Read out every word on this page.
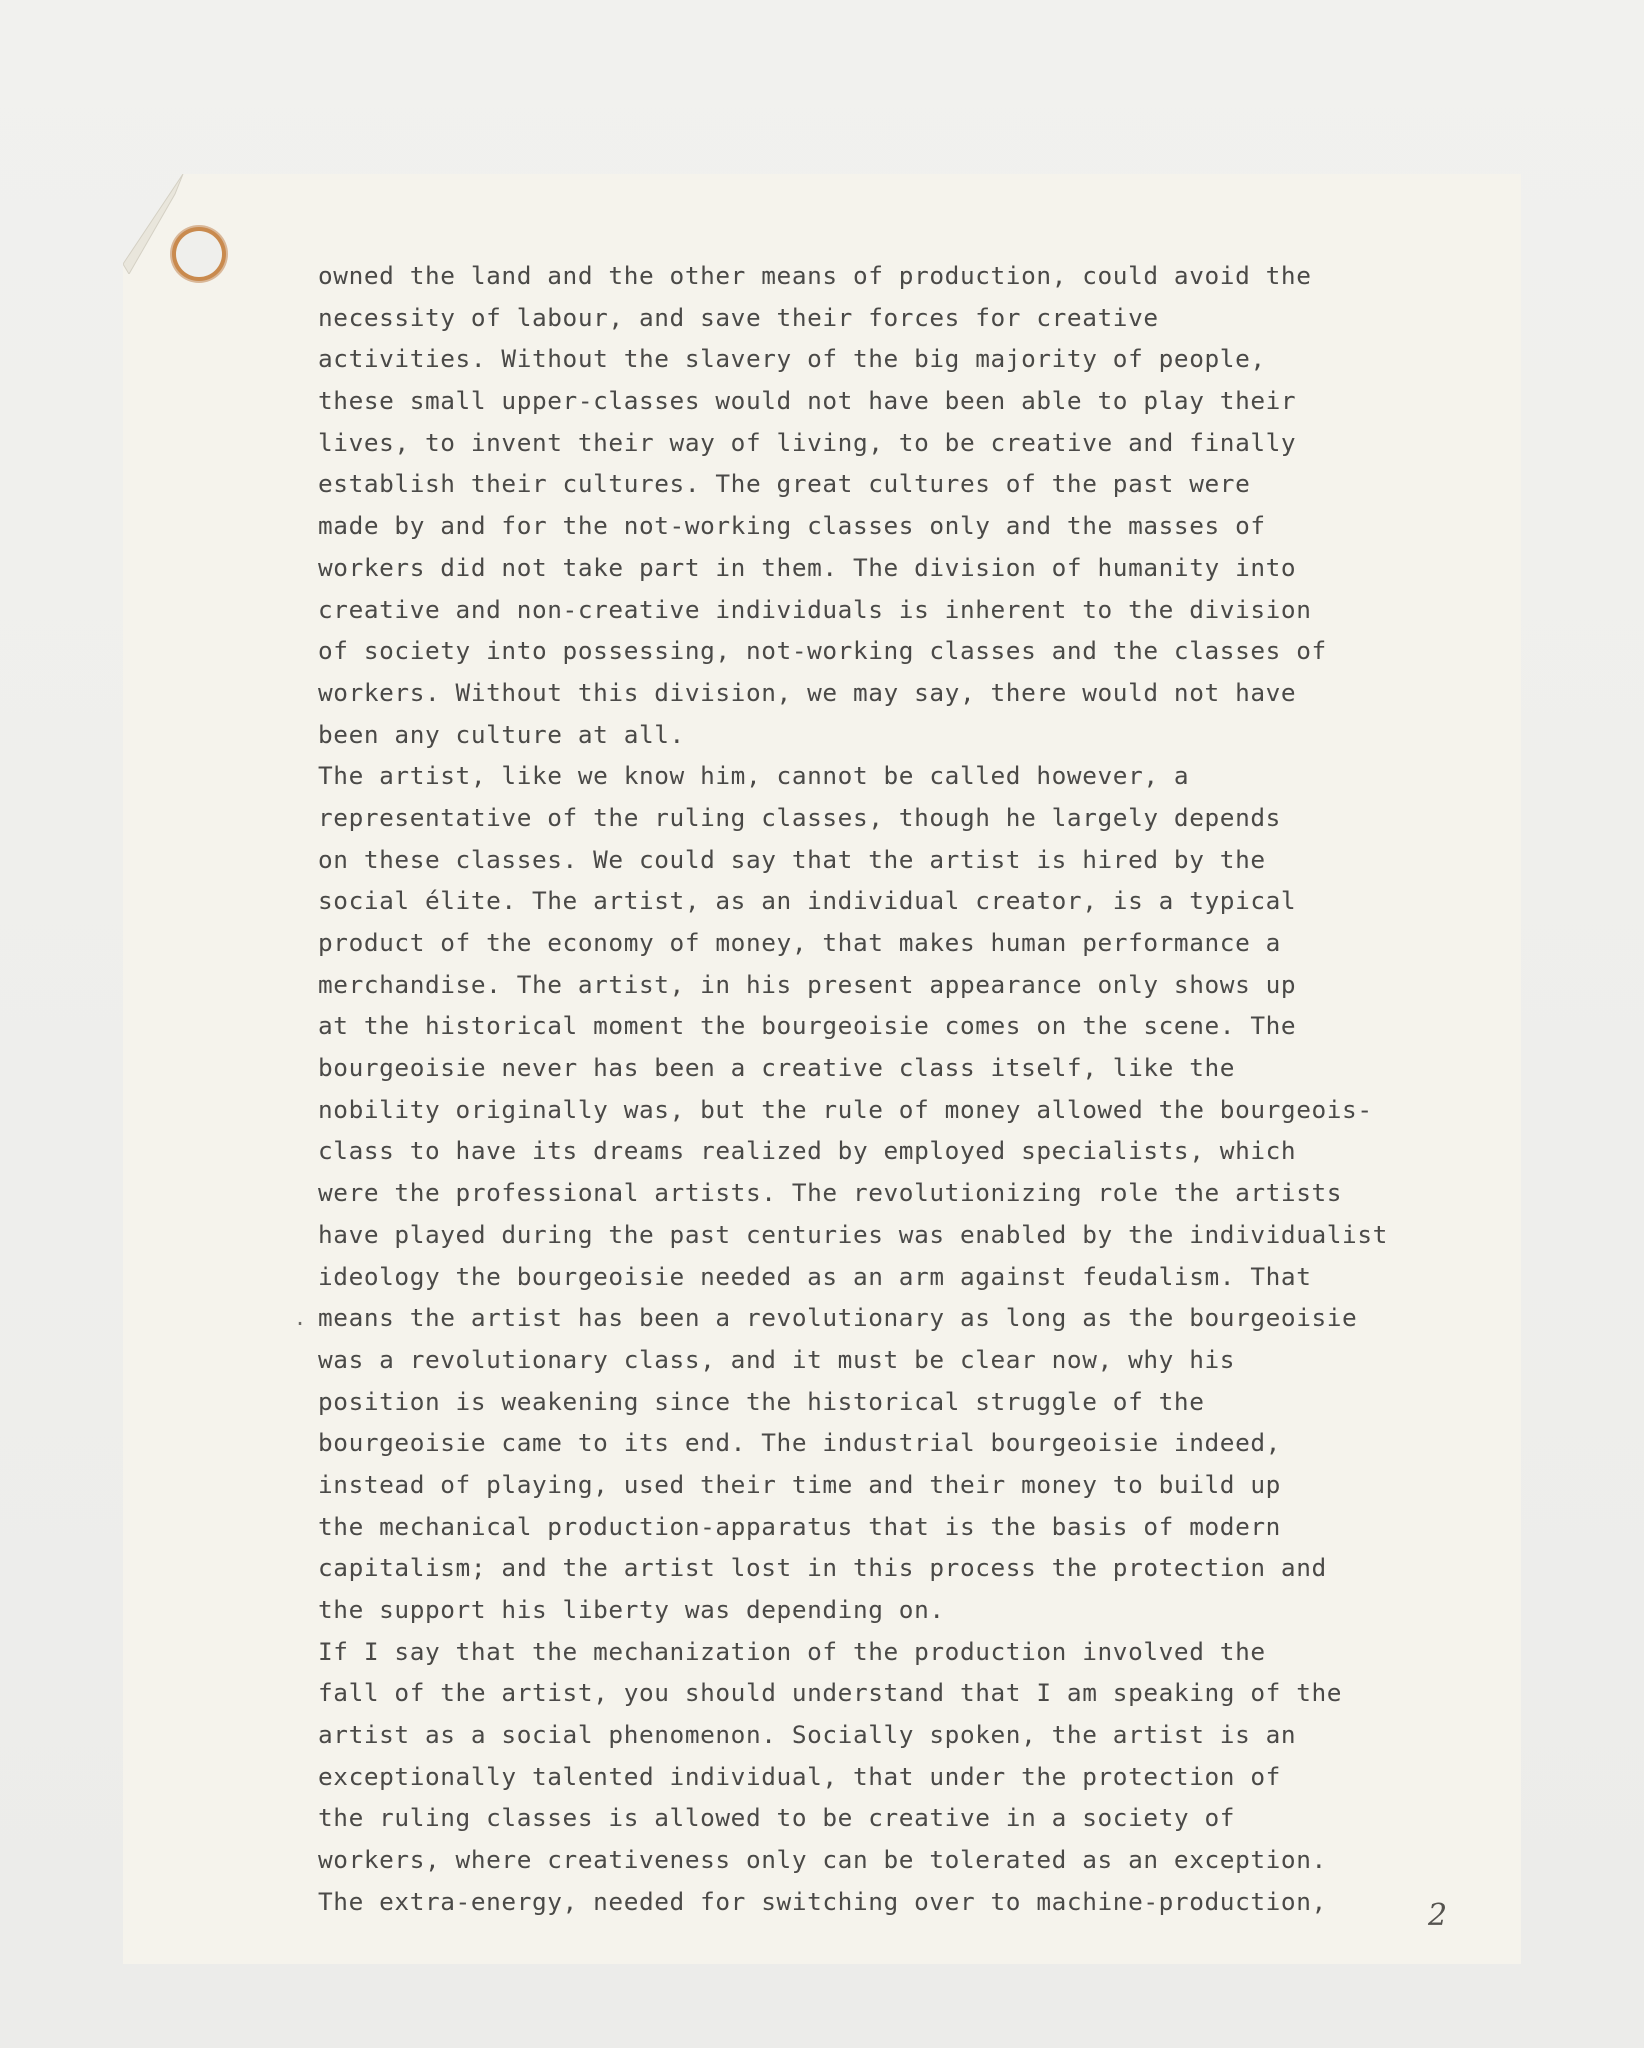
owned the land and the other means of production, could avoid the
necessity of labour, and save their forces for creative
activities. Without the slavery of the big majority of people,
these small upper-classes would not have been able to play their
lives, to invent their way of living, to be creative and finally
establish their cultures. The great cultures of the past were
made by and for the not-working classes only and the masses of
workers did not take part in them. The division of humanity into
creative and non-creative individuals is inherent to the division
of society into possessing, not-working classes and the classes of
workers. Without this division, we may say, there would not have
been any culture at all.
The artist, like we know him, cannot be called however, a
representative of the ruling classes, though he largely depends
on these classes. We could say that the artist is hired by the
social élite. The artist, as an individual creator, is a typical
product of the economy of money, that makes human performance a
merchandise. The artist, in his present appearance only shows up
at the historical moment the bourgeoisie comes on the scene. The
bourgeoisie never has been a creative class itself, like the
nobility originally was, but the rule of money allowed the bourgeois-
class to have its dreams realized by employed specialists, which
were the professional artists. The revolutionizing role the artists
have played during the past centuries was enabled by the individualist
ideology the bourgeoisie needed as an arm against feudalism. That
means the artist has been a revolutionary as long as the bourgeoisie
was a revolutionary class, and it must be clear now, why his
position is weakening since the historical struggle of the
bourgeoisie came to its end. The industrial bourgeoisie indeed,
instead of playing, used their time and their money to build up
the mechanical production-apparatus that is the basis of modern
capitalism; and the artist lost in this process the protection and
the support his liberty was depending on.
If I say that the mechanization of the production involved the
fall of the artist, you should understand that I am speaking of the
artist as a social phenomenon. Socially spoken, the artist is an
exceptionally talented individual, that under the protection of
the ruling classes is allowed to be creative in a society of
workers, where creativeness only can be tolerated as an exception.
The extra-energy, needed for switching over to machine-production,
.
2
